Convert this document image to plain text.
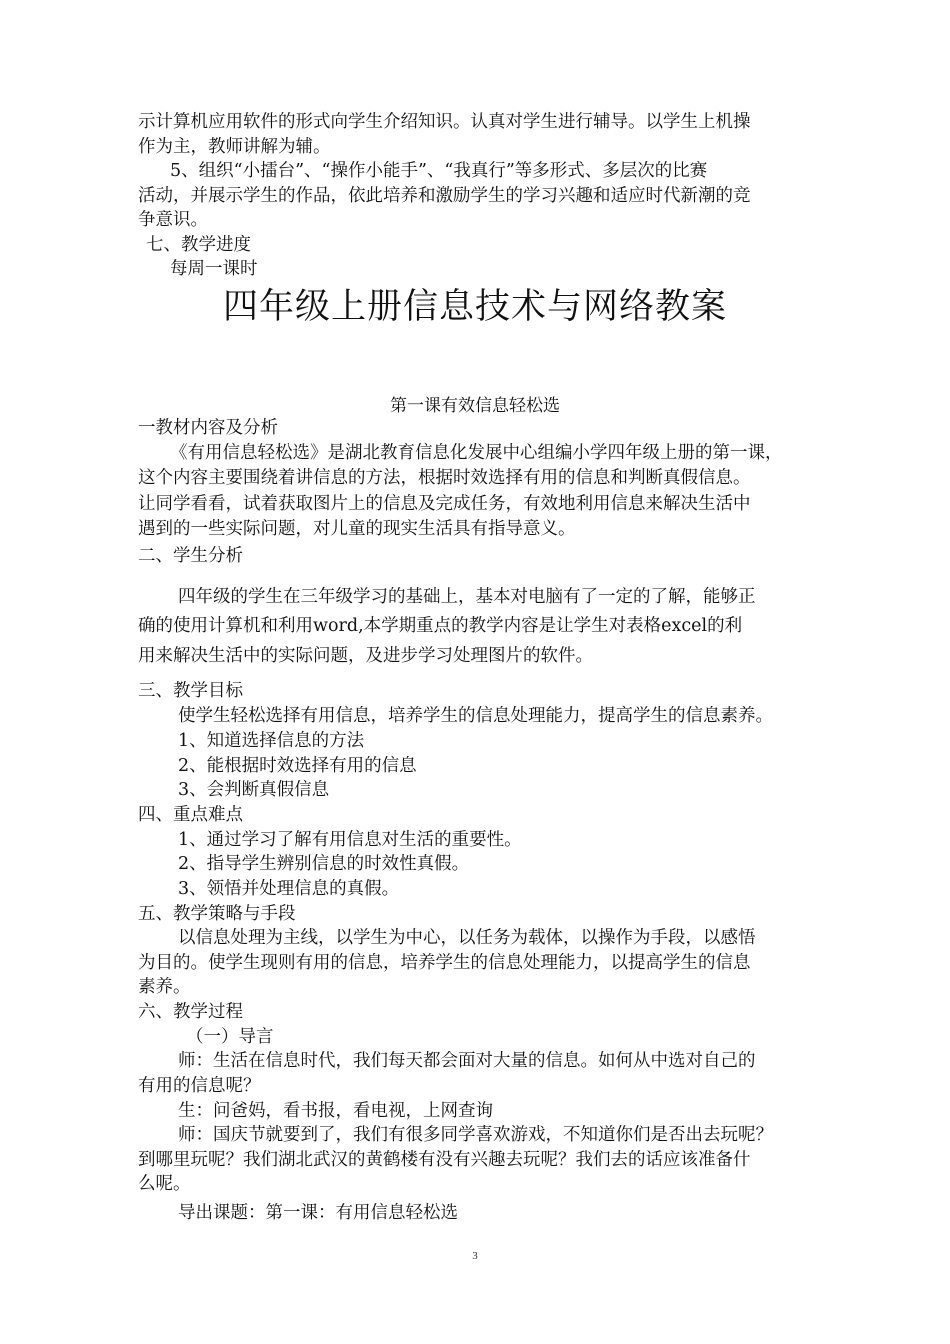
示计算机应用软件的形式向学生介绍知识。认真对学生进行辅导。以学生上机操
作为主，教师讲解为辅。
5、组织“小擂台”、“操作小能手”、“我真行”等多形式、多层次的比赛
活动，并展示学生的作品，依此培养和激励学生的学习兴趣和适应时代新潮的竞
争意识。
七、教学进度
每周一课时
四年级上册信息技术与网络教案
第一课有效信息轻松选
一教材内容及分析
《有用信息轻松选》是湖北教育信息化发展中心组编小学四年级上册的第一课，
这个内容主要围绕着讲信息的方法，根据时效选择有用的信息和判断真假信息。
让同学看看，试着获取图片上的信息及完成任务，有效地利用信息来解决生活中
遇到的一些实际问题，对儿童的现实生活具有指导意义。
二、学生分析
四年级的学生在三年级学习的基础上，基本对电脑有了一定的了解，能够正
确的使用计算机和利用word,本学期重点的教学内容是让学生对表格excel的利
用来解决生活中的实际问题，及进步学习处理图片的软件。
三、教学目标
使学生轻松选择有用信息，培养学生的信息处理能力，提高学生的信息素养。
1、知道选择信息的方法
2、能根据时效选择有用的信息
3、会判断真假信息
四、重点难点
1、通过学习了解有用信息对生活的重要性。
2、指导学生辨别信息的时效性真假。
3、领悟并处理信息的真假。
五、教学策略与手段
以信息处理为主线，以学生为中心，以任务为载体，以操作为手段，以感悟
为目的。使学生现则有用的信息，培养学生的信息处理能力，以提高学生的信息
素养。
六、教学过程
（一）导言
师：生活在信息时代，我们每天都会面对大量的信息。如何从中选对自己的
有用的信息呢？
生：问爸妈，看书报，看电视，上网查询
师：国庆节就要到了，我们有很多同学喜欢游戏，不知道你们是否出去玩呢？
到哪里玩呢？我们湖北武汉的黄鹤楼有没有兴趣去玩呢？我们去的话应该准备什
么呢。
导出课题：第一课：有用信息轻松选
3
